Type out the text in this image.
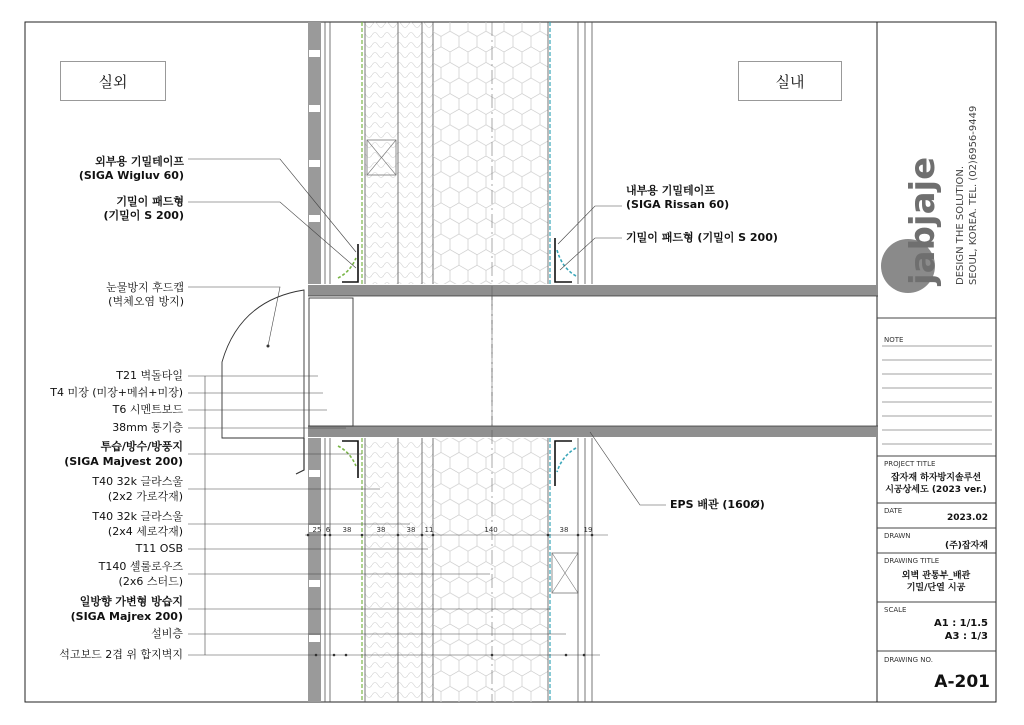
25 6 38	38	38 11	140	38 19
jabjaje DESIGN THE SOLUTION. SEOUL, KOREA. TEL. (02)6956-9449
실외	실내
외부용 기밀테이프
(SIGA Wigluv 60)
기밀이 패드형
(기밀이 S 200)
눈물방지 후드캡
(벽체오염 방지)
T21 벽돌타일
T4 미장 (미장+메쉬+미장)
T6 시멘트보드
38mm 통기층
투습/방수/방풍지
(SIGA Majvest 200)
T40 32k 글라스울
(2x2 가로각재)
T40 32k 글라스울
(2x4 세로각재)
T11 OSB
T140 셀룰로우즈
(2x6 스터드)
일방향 가변형 방습지
(SIGA Majrex 200)
설비층
석고보드 2겹 위 합지벽지
내부용 기밀테이프
(SIGA Rissan 60)
기밀이 패드형 (기밀이 S 200)
EPS 배관 (160Ø)
NOTE
PROJECT TITLE
잡자재 하자방지솔루션
시공상세도 (2023 ver.)
DATE
2023.02
DRAWN
(주)잡자재
DRAWING TITLE
외벽 관통부_배관
기밀/단열 시공
SCALE
A1 : 1/1.5
A3 : 1/3
DRAWING NO.
A-201
